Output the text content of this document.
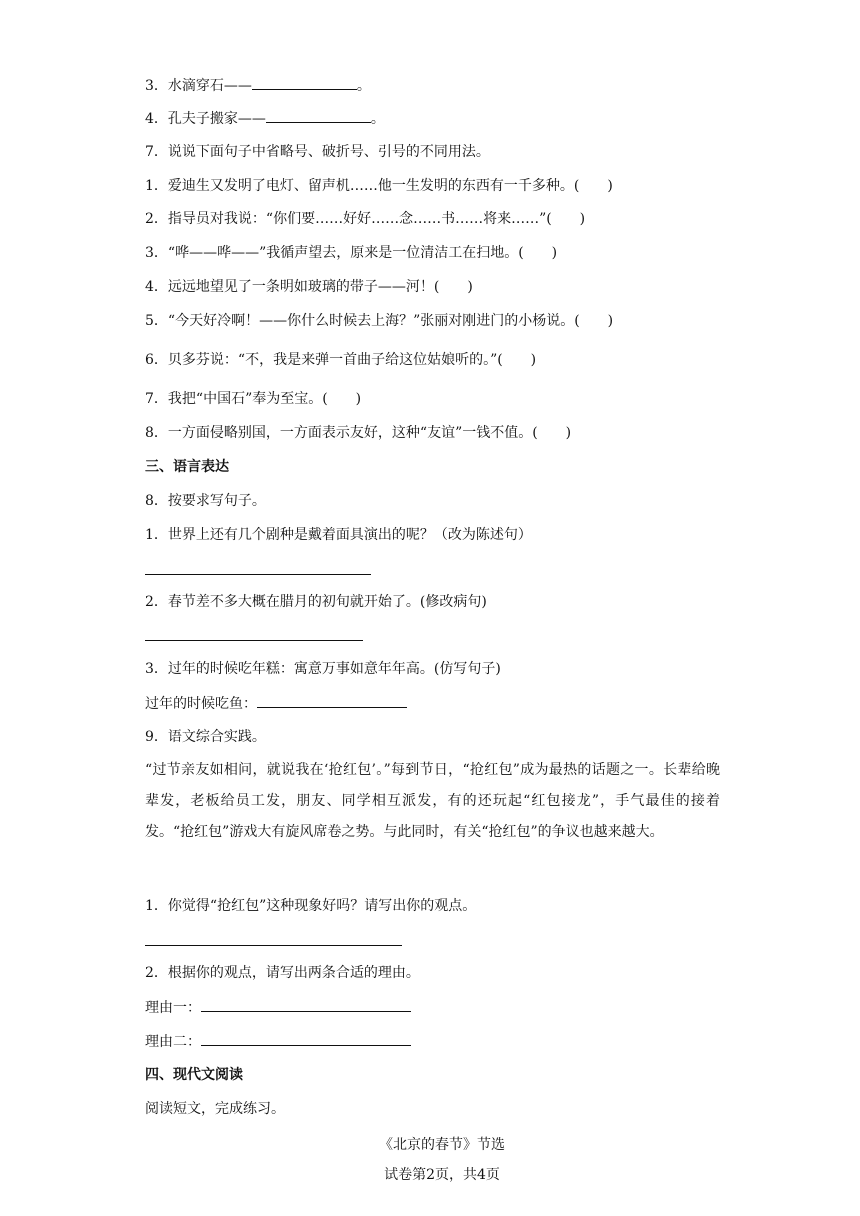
3．水滴穿石——	。
4．孔夫子搬家——	。
7．说说下面句子中省略号、破折号、引号的不同用法。
1．爱迪生又发明了电灯、留声机……他一生发明的东西有一千多种。(　　)
2．指导员对我说：“你们要……好好……念……书……将来……”(　　)
3．“哗——哗——”我循声望去，原来是一位清洁工在扫地。(　　)
4．远远地望见了一条明如玻璃的带子——河！(　　)
5．“今天好冷啊！——你什么时候去上海？”张丽对刚进门的小杨说。(　　)
6．贝多芬说：“不，我是来弹一首曲子给这位姑娘听的。”(　　)
7．我把“中国石”奉为至宝。(　　)
8．一方面侵略别国，一方面表示友好，这种“友谊”一钱不值。(　　)
三、语言表达
8．按要求写句子。
1．世界上还有几个剧种是戴着面具演出的呢？（改为陈述句）
2．春节差不多大概在腊月的初旬就开始了。(修改病句)
3．过年的时候吃年糕：寓意万事如意年年高。(仿写句子)
过年的时候吃鱼：
9．语文综合实践。
“过节亲友如相问，就说我在‘抢红包’。”每到节日，“抢红包”成为最热的话题之一。长辈给晚辈发，老板给员工发，朋友、同学相互派发，有的还玩起“红包接龙”，手气最佳的接着发。“抢红包”游戏大有旋风席卷之势。与此同时，有关“抢红包”的争议也越来越大。
1．你觉得“抢红包”这种现象好吗？请写出你的观点。
2．根据你的观点，请写出两条合适的理由。
理由一：
理由二：
四、现代文阅读
阅读短文，完成练习。
《北京的春节》节选
试卷第2页，共4页
